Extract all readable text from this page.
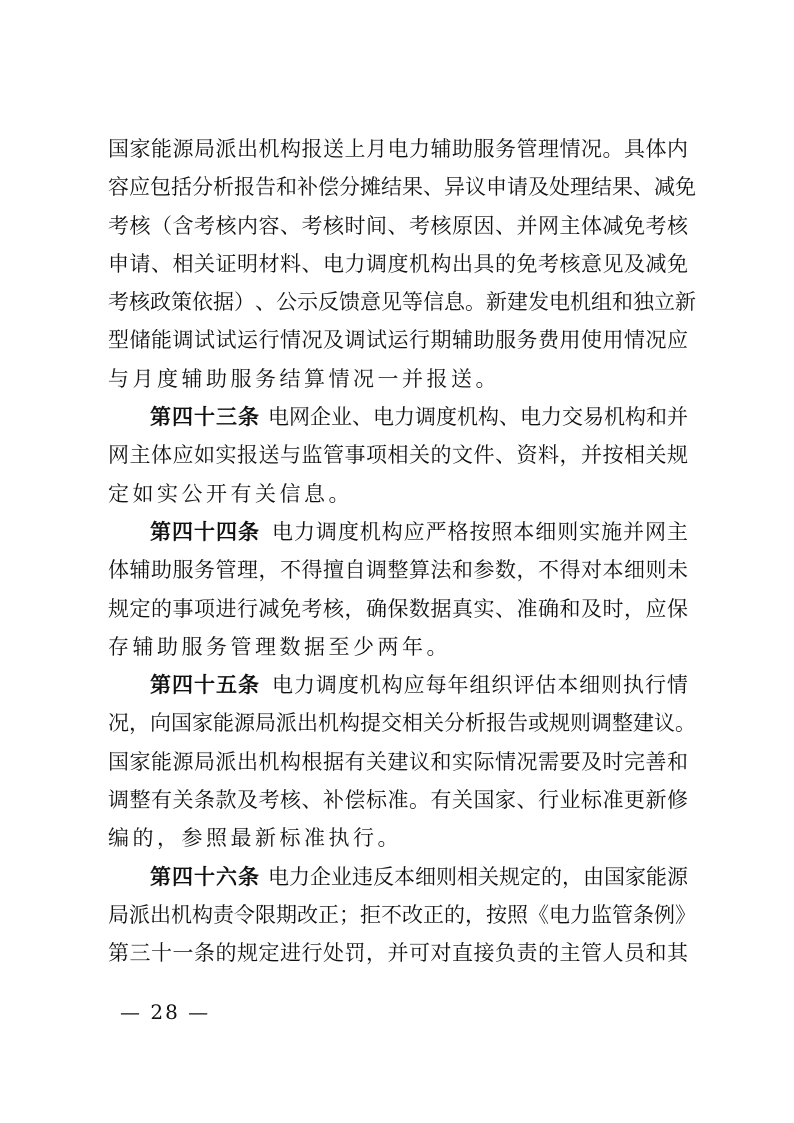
国 家 能 源 局 派 出 机 构 报 送 上 月 电 力 辅 助 服 务 管 理 情 况 。 具 体 内
容 应 包 括 分 析 报 告 和 补 偿 分 摊 结 果 、 异 议 申 请 及 处 理 结 果 、 减 免
考 核 （ 含 考 核 内 容 、 考 核 时 间 、 考 核 原 因 、 并 网 主 体 减 免 考 核
申 请 、 相 关 证 明 材 料 、 电 力 调 度 机 构 出 具 的 免 考 核 意 见 及 减 免
考 核 政 策 依 据 ） 、 公 示 反 馈 意 见 等 信 息 。 新 建 发 电 机 组 和 独 立 新
型 储 能 调 试 试 运 行 情 况 及 调 试 运 行 期 辅 助 服 务 费 用 使 用 情 况 应
与 月 度 辅 助 服 务 结 算 情 况 一 并 报 送 。
第四十三条 电 网 企 业 、 电 力 调 度 机 构 、 电 力 交 易 机 构 和 并
网 主 体 应 如 实 报 送 与 监 管 事 项 相 关 的 文 件 、 资 料 ， 并 按 相 关 规
定 如 实 公 开 有 关 信 息 。
第四十四条 电 力 调 度 机 构 应 严 格 按 照 本 细 则 实 施 并 网 主
体 辅 助 服 务 管 理 ， 不 得 擅 自 调 整 算 法 和 参 数 ， 不 得 对 本 细 则 未
规 定 的 事 项 进 行 减 免 考 核 ， 确 保 数 据 真 实 、 准 确 和 及 时 ， 应 保
存 辅 助 服 务 管 理 数 据 至 少 两 年 。
第四十五条 电 力 调 度 机 构 应 每 年 组 织 评 估 本 细 则 执 行 情
况 ， 向 国 家 能 源 局 派 出 机 构 提 交 相 关 分 析 报 告 或 规 则 调 整 建 议 。
国 家 能 源 局 派 出 机 构 根 据 有 关 建 议 和 实 际 情 况 需 要 及 时 完 善 和
调 整 有 关 条 款 及 考 核 、 补 偿 标 准 。 有 关 国 家 、 行 业 标 准 更 新 修
编 的 ， 参 照 最 新 标 准 执 行 。
第四十六条 电 力 企 业 违 反 本 细 则 相 关 规 定 的 ， 由 国 家 能 源
局 派 出 机 构 责 令 限 期 改 正 ； 拒 不 改 正 的 ， 按 照 《 电 力 监 管 条 例 》
第 三 十 一 条 的 规 定 进 行 处 罚 ， 并 可 对 直 接 负 责 的 主 管 人 员 和 其
— 28 —
